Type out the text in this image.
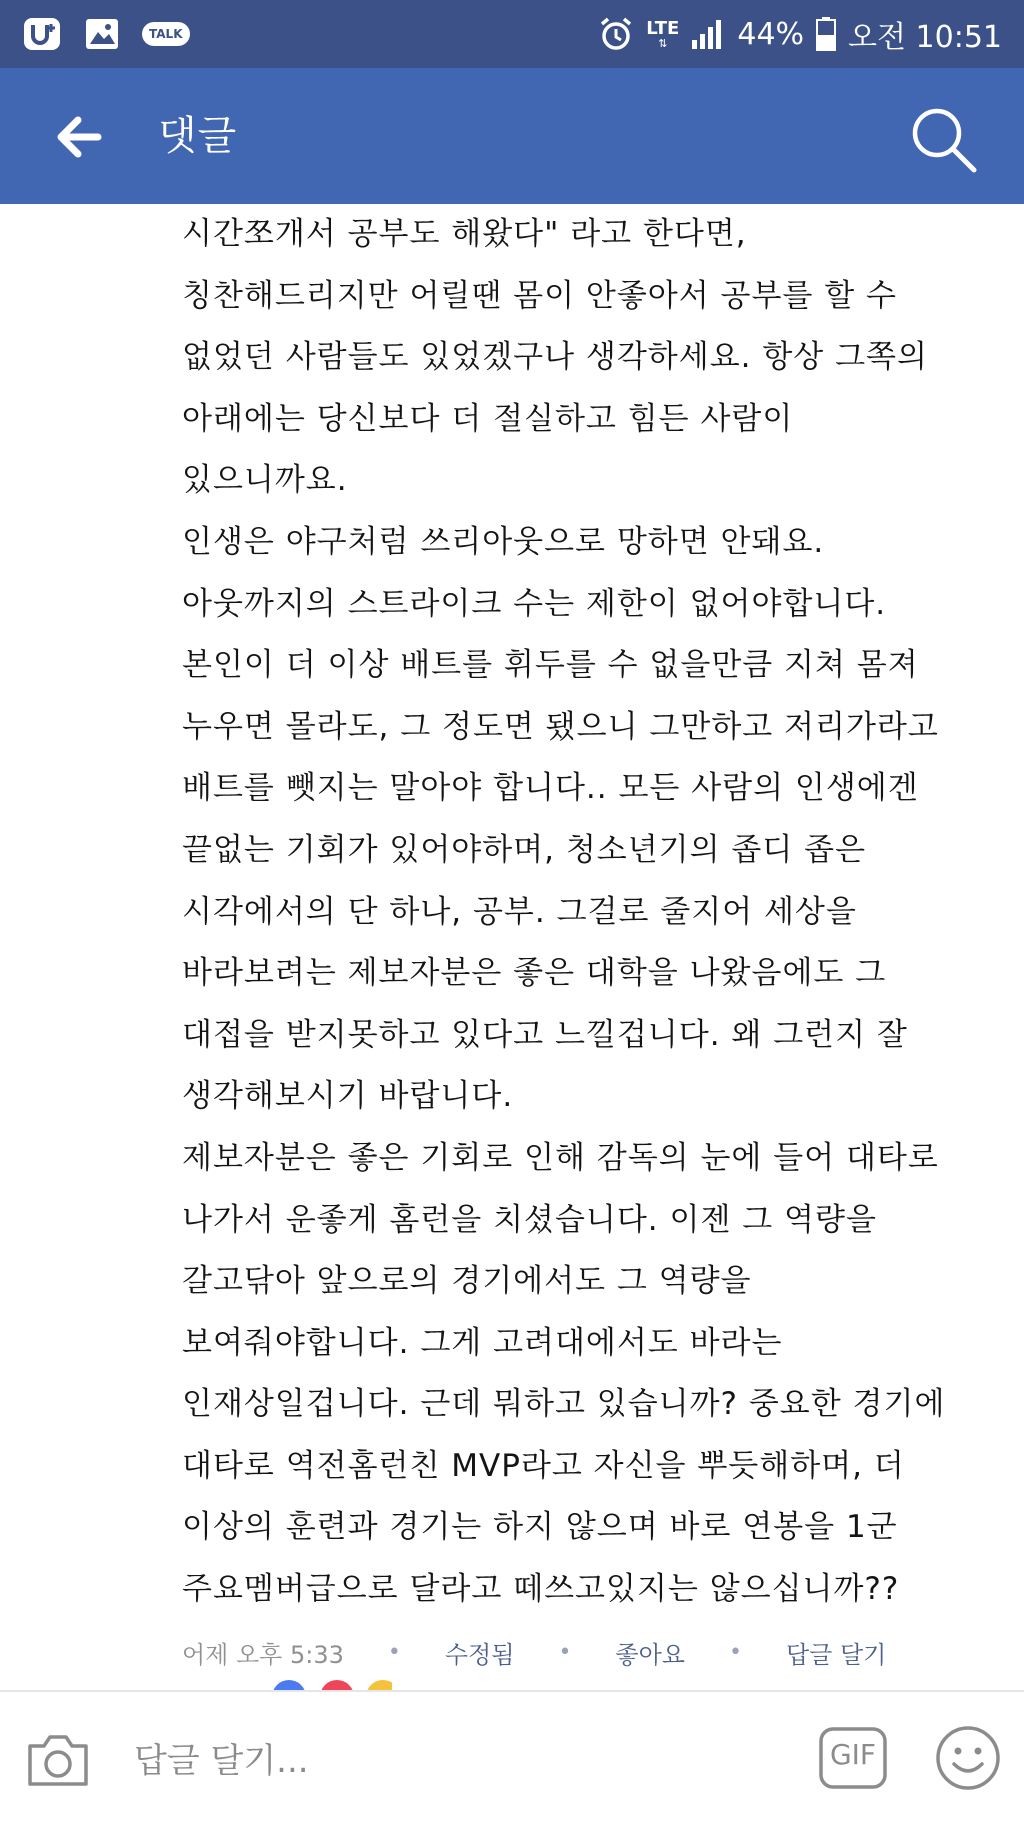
TALK	LTE
⇅ 44% 오전 10:51
댓글
시간쪼개서 공부도 해왔다" 라고 한다면,
칭찬해드리지만 어릴땐 몸이 안좋아서 공부를 할 수
없었던 사람들도 있었겠구나 생각하세요. 항상 그쪽의
아래에는 당신보다 더 절실하고 힘든 사람이
있으니까요.
인생은 야구처럼 쓰리아웃으로 망하면 안돼요.
아웃까지의 스트라이크 수는 제한이 없어야합니다.
본인이 더 이상 배트를 휘두를 수 없을만큼 지쳐 몸져
누우면 몰라도, 그 정도면 됐으니 그만하고 저리가라고
배트를 뺏지는 말아야 합니다.. 모든 사람의 인생에겐
끝없는 기회가 있어야하며, 청소년기의 좁디 좁은
시각에서의 단 하나, 공부. 그걸로 줄지어 세상을
바라보려는 제보자분은 좋은 대학을 나왔음에도 그
대접을 받지못하고 있다고 느낄겁니다. 왜 그런지 잘
생각해보시기 바랍니다.
제보자분은 좋은 기회로 인해 감독의 눈에 들어 대타로
나가서 운좋게 홈런을 치셨습니다. 이젠 그 역량을
갈고닦아 앞으로의 경기에서도 그 역량을
보여줘야합니다. 그게 고려대에서도 바라는
인재상일겁니다. 근데 뭐하고 있습니까? 중요한 경기에
대타로 역전홈런친 MVP라고 자신을 뿌듯해하며, 더
이상의 훈련과 경기는 하지 않으며 바로 연봉을 1군
주요멤버급으로 달라고 떼쓰고있지는 않으십니까??
어제 오후 5:33 • 수정됨 • 좋아요 • 답글 달기
답글 달기...
GIF
